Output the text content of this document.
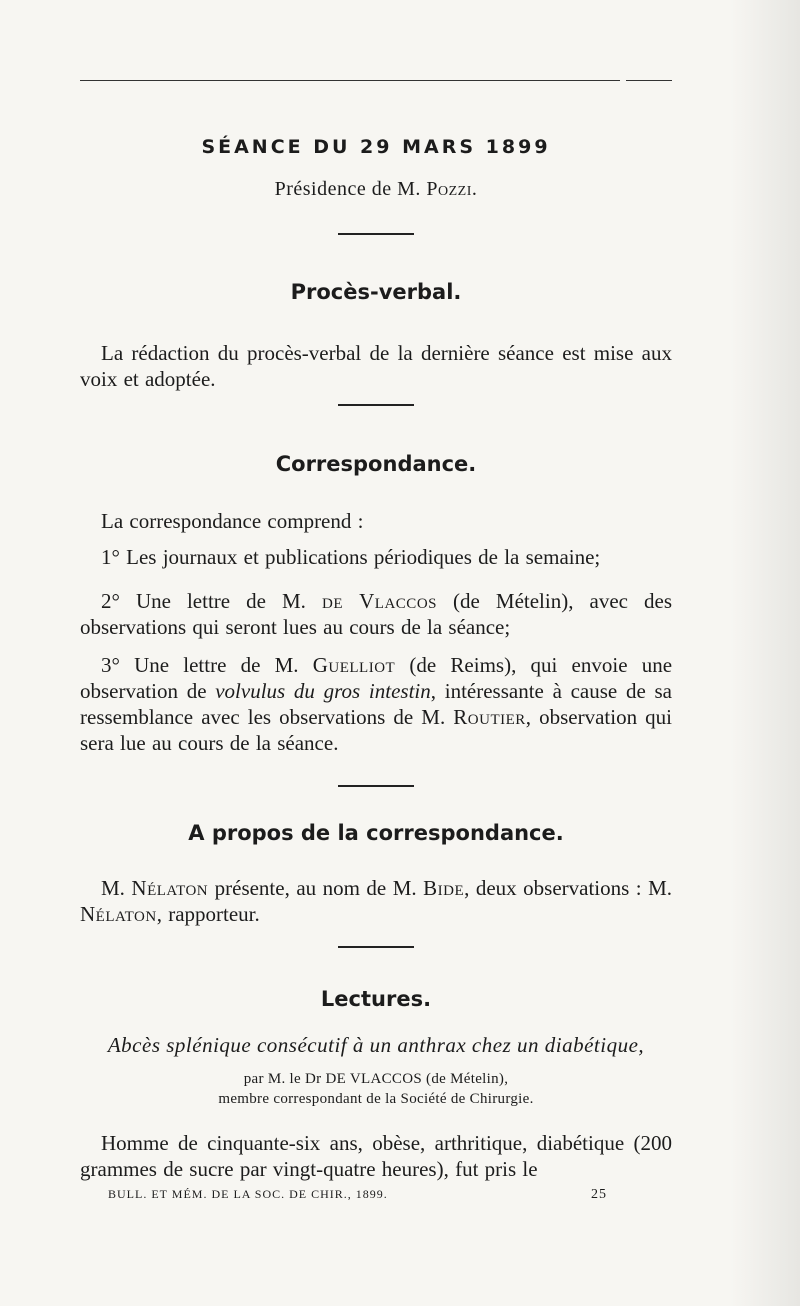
SÉANCE DU 29 MARS 1899
Présidence de M. Pozzi.
Procès-verbal.

La rédaction du procès-verbal de la dernière séance est mise aux voix et adoptée.

Correspondance.

La correspondance comprend :

1° Les journaux et publications périodiques de la semaine;

2° Une lettre de M. de Vlaccos (de Mételin), avec des observations qui seront lues au cours de la séance;

3° Une lettre de M. Guelliot (de Reims), qui envoie une observation de volvulus du gros intestin, intéressante à cause de sa ressemblance avec les observations de M. Routier, observation qui sera lue au cours de la séance.

A propos de la correspondance.

M. Nélaton présente, au nom de M. Bide, deux observations : M. Nélaton, rapporteur.

Lectures.
Abcès splénique consécutif à un anthrax chez un diabétique,
par M. le Dr DE VLACCOS (de Mételin),
membre correspondant de la Société de Chirurgie.

Homme de cinquante-six ans, obèse, arthritique, diabétique (200 grammes de sucre par vingt-quatre heures), fut pris le

BULL. ET MÉM. DE LA SOC. DE CHIR., 1899.	25
